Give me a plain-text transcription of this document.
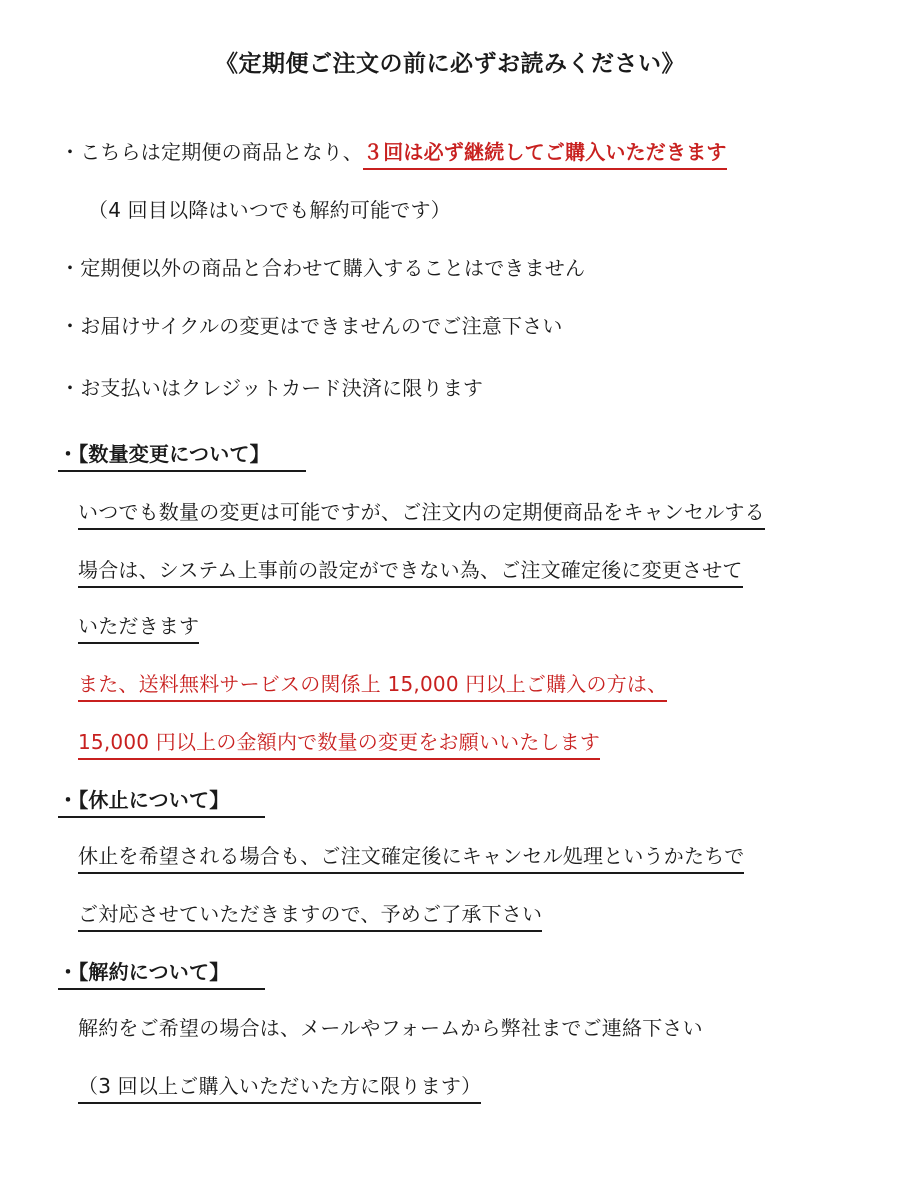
《定期便ご注文の前に必ずお読みください》
・こちらは定期便の商品となり、３回は必ず継続してご購入いただきます
（4 回目以降はいつでも解約可能です）
・定期便以外の商品と合わせて購入することはできません
・お届けサイクルの変更はできませんのでご注意下さい
・お支払いはクレジットカード決済に限ります
・【数量変更について】
いつでも数量の変更は可能ですが、ご注文内の定期便商品をキャンセルする
場合は、システム上事前の設定ができない為、ご注文確定後に変更させて
いただきます
また、送料無料サービスの関係上 15,000 円以上ご購入の方は、
15,000 円以上の金額内で数量の変更をお願いいたします
・【休止について】
休止を希望される場合も、ご注文確定後にキャンセル処理というかたちで
ご対応させていただきますので、予めご了承下さい
・【解約について】
解約をご希望の場合は、メールやフォームから弊社までご連絡下さい
（3 回以上ご購入いただいた方に限ります）
